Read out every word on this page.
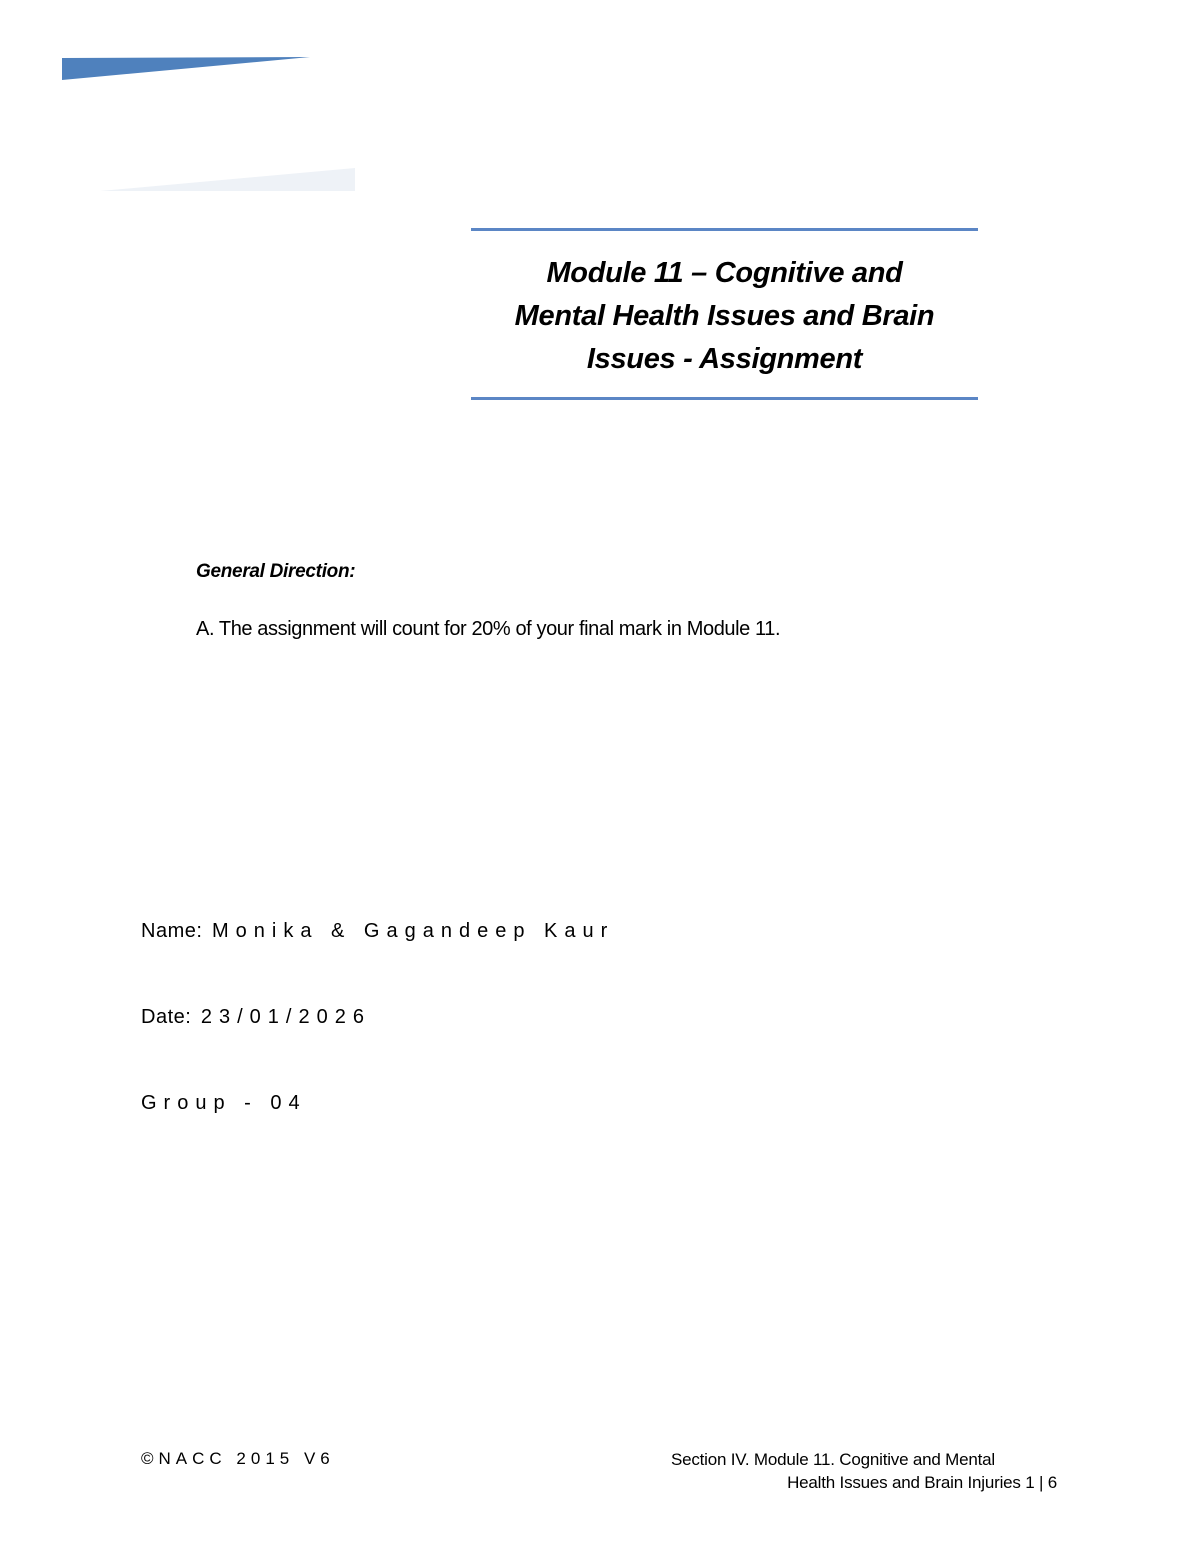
Module 11 – Cognitive and
Mental Health Issues and Brain
Issues - Assignment
General Direction:
A. The assignment will count for 20% of your final mark in Module 11.
Name: Monika & Gagandeep Kaur
Date: 23/01/2026
Group - 04
©NACC 2015 V6	Section IV. Module 11. Cognitive and Mental
Health Issues and Brain Injuries 1 | 6
